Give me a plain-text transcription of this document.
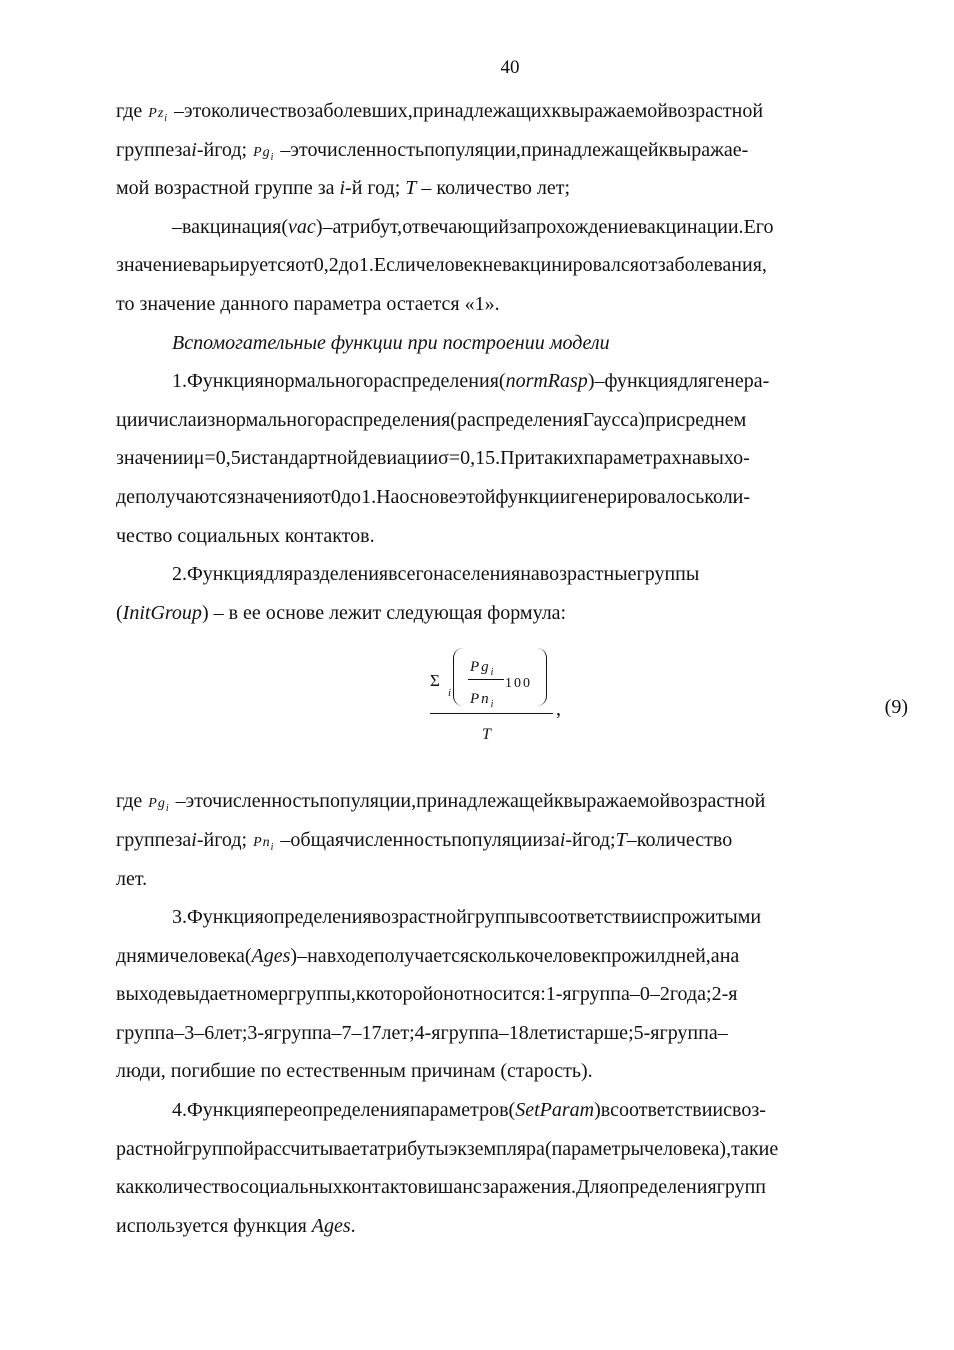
40
где $Pz_i$ –этоколичествозаболевших,принадлежащихквыражаемойвозрастной
группезаi-йгод; $Pg_i$ –эточисленностьпопуляции,принадлежащейквыражае-
мой возрастной группе за i-й год; T – количество лет;
–вакцинация(vac)–атрибут,отвечающийзапрохождениевакцинации.Его
значениеварьируетсяот0,2до1.Есличеловекневакцинировалсяотзаболевания,
то значение данного параметра остается «1».
Вспомогательные функции при построении модели
1.Функциянормальногораспределения(normRasp)–функциядлягенера-
циичислаизнормальногораспределения(распределенияГаусса)присреднем
значенииμ=0,5истандартнойдевиацииσ=0,15.Притакихпараметрахнавыхо-
деполучаютсязначенияот0до1.Наосновеэтойфункциигенерировалоськоли-
чество социальных контактов.
2.Функциядляразделениявсегонаселениянавозрастныегруппы
(InitGroup) – в ее основе лежит следующая формула:
Σ
i
$Pg_i$
$Pn_i$
100
,
T
(9)
где $Pg_i$ –эточисленностьпопуляции,принадлежащейквыражаемойвозрастной
группезаi-йгод; $Pn_i$ –общаячисленностьпопуляциизаi-йгод;T–количество
лет.
3.Функцияопределениявозрастнойгруппывсоответствииспрожитыми
днямичеловека(Ages)–навходеполучаетсясколькочеловекпрожилдней,ана
выходевыдаетномергруппы,ккоторойонотносится:1-ягруппа–0–2года;2-я
группа–3–6лет;3-ягруппа–7–17лет;4-ягруппа–18летистарше;5-ягруппа–
люди, погибшие по естественным причинам (старость).
4.Функцияпереопределенияпараметров(SetParam)всоответствиисвоз-
растнойгруппойрассчитываетатрибутыэкземпляра(параметрычеловека),такие
какколичествосоциальныхконтактовишансзаражения.Дляопределениягрупп
используется функция Ages.
